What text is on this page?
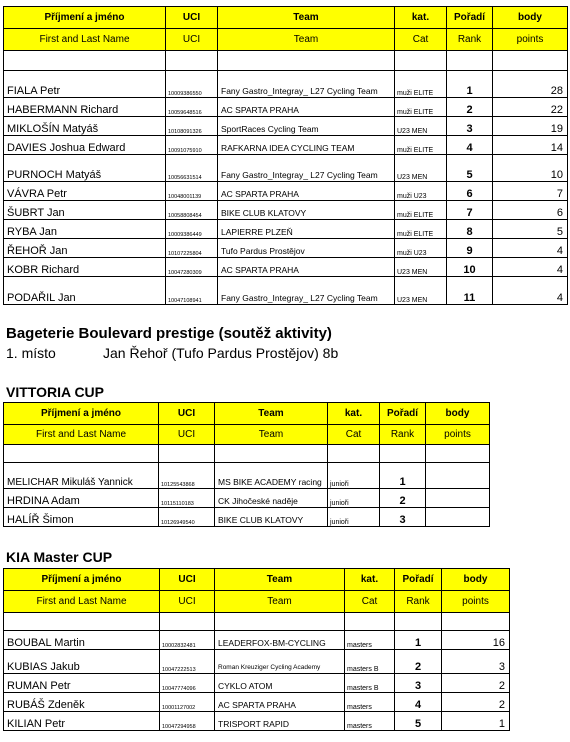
Příjmení a jméno	UCI	Team	kat.	Pořadí	body
First and Last Name	UCI	Team	Cat	Rank	points

FIALA Petr	10009386550	Fany Gastro_Integray_ L27 Cycling Team	muži ELITE	1	28
HABERMANN Richard	10059648516	AC SPARTA PRAHA	muži ELITE	2	22
MIKLOŠÍN Matyáš	10108091326	SportRaces Cycling Team	U23 MEN	3	19
DAVIES Joshua Edward	10091075910	RAFKARNA IDEA CYCLING TEAM	muži ELITE	4	14
PURNOCH Matyáš	10056631514	Fany Gastro_Integray_ L27 Cycling Team	U23 MEN	5	10
VÁVRA Petr	10048001139	AC SPARTA PRAHA	muži U23	6	7
ŠUBRT Jan	10058808454	BIKE CLUB KLATOVY	muži ELITE	7	6
RYBA Jan	10009386449	LAPIERRE PLZEŇ	muži ELITE	8	5
ŘEHOŘ Jan	10107225804	Tufo Pardus Prostějov	muži U23	9	4
KOBR Richard	10047280309	AC SPARTA PRAHA	U23 MEN	10	4
PODAŘIL Jan	10047108941	Fany Gastro_Integray_ L27 Cycling Team	U23 MEN	11	4

Bageterie Boulevard prestige (soutěž aktivity)

1. místo	Jan Řehoř (Tufo Pardus Prostějov) 8b

VITTORIA CUP

Příjmení a jméno	UCI	Team	kat.	Pořadí	body
First and Last Name	UCI	Team	Cat	Rank	points

MELICHAR Mikuláš Yannick	10125543868	MS BIKE ACADEMY racing	junioři	1	
HRDINA Adam	10115110183	CK Jihočeské naděje	junioři	2	
HALÍŘ Šimon	10126949540	BIKE CLUB KLATOVY	junioři	3	

KIA Master CUP

Příjmení a jméno	UCI	Team	kat.	Pořadí	body
First and Last Name	UCI	Team	Cat	Rank	points

BOUBAL Martin	10002832481	LEADERFOX-BM-CYCLING	masters	1	16
KUBIAS Jakub	10047222513	Roman Kreuziger Cycling Academy	masters B	2	3
RUMAN Petr	10047774096	CYKLO ATOM	masters B	3	2
RUBÁŠ Zdeněk	10001127002	AC SPARTA PRAHA	masters	4	2
KILIAN Petr	10047294958	TRISPORT RAPID	masters	5	1
